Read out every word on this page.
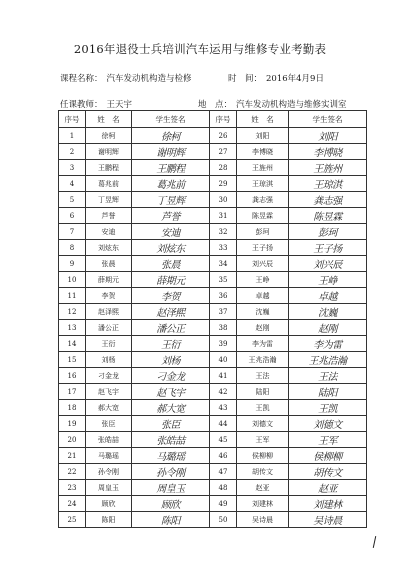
2016年退役士兵培训汽车运用与维修专业考勤表
课程名称： 汽车发动机构造与检修	时　间： 2016年4月9日
任课教师： 王天宇	地　点： 汽车发动机构造与维修实训室
序号	姓　名	学生签名	序号	姓　名	学生签名
1	徐柯	徐柯	26	刘阳	刘阳
2	谢明辉	谢明辉	27	李博晓	李博晓
3	王鹏程	王鹏程	28	王旌州	王旌州
4	葛兆前	葛兆前	29	王琼淇	王琼淇
5	丁昱辉	丁昱辉	30	龚志强	龚志强
6	芦誉	芦誉	31	陈昱霖	陈昱霖
7	安迪	安迪	32	彭珂	彭珂
8	刘炫东	刘炫东	33	王子扬	王子扬
9	张晨	张晨	34	刘兴辰	刘兴辰
10	薛期元	薛期元	35	王峥	王峥
11	李贺	李贺	36	卓越	卓越
12	赵泽熙	赵泽熙	37	沈巍	沈巍
13	潘公正	潘公正	38	赵刚	赵刚
14	王衍	王衍	39	李为雷	李为雷
15	刘杨	刘杨	40	王兆浩瀚	王兆浩瀚
16	刁金龙	刁金龙	41	王法	王法
17	赵飞宇	赵飞宇	42	陆阳	陆阳
18	郝大宽	郝大宽	43	王凯	王凯
19	张臣	张臣	44	刘德文	刘德文
20	张皓喆	张皓喆	45	王军	王军
21	马璐瑶	马璐瑶	46	侯柳柳	侯柳柳
22	孙令刚	孙令刚	47	胡传文	胡传文
23	周皇玉	周皇玉	48	赵亚	赵亚
24	顾欣	顾欣	49	刘建林	刘建林
25	陈阳	陈阳	50	吴诗晨	吴诗晨
